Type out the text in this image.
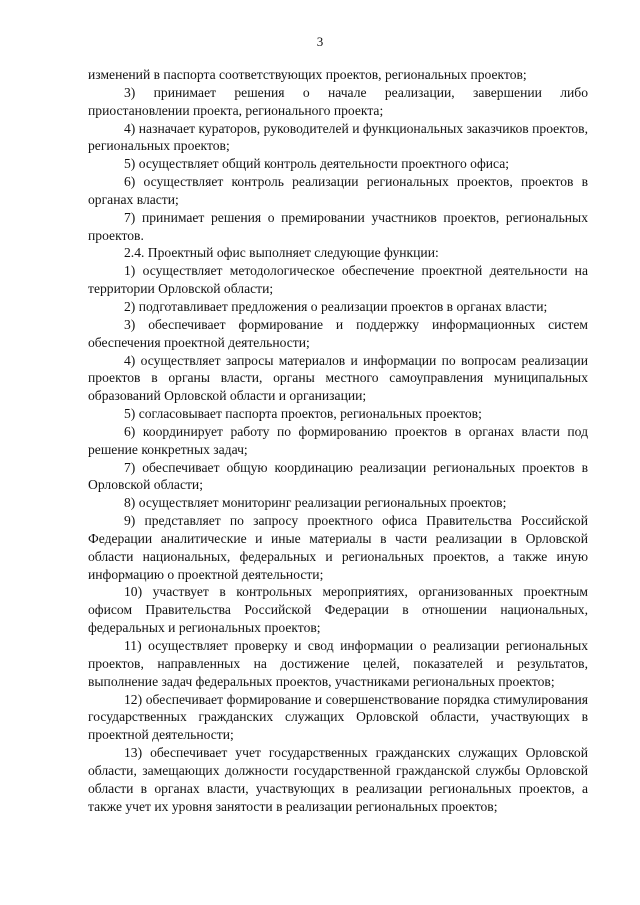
3

изменений в паспорта соответствующих проектов, региональных проектов;

3) принимает решения о начале реализации, завершении либо приостановлении проекта, регионального проекта;

4) назначает кураторов, руководителей и функциональных заказчиков проектов, региональных проектов;

5) осуществляет общий контроль деятельности проектного офиса;

6) осуществляет контроль реализации региональных проектов, проектов в органах власти;

7) принимает решения о премировании участников проектов, региональных проектов.

2.4. Проектный офис выполняет следующие функции:

1) осуществляет методологическое обеспечение проектной деятельности на территории Орловской области;

2) подготавливает предложения о реализации проектов в органах власти;

3) обеспечивает формирование и поддержку информационных систем обеспечения проектной деятельности;

4) осуществляет запросы материалов и информации по вопросам реализации проектов в органы власти, органы местного самоуправления муниципальных образований Орловской области и организации;

5) согласовывает паспорта проектов, региональных проектов;

6) координирует работу по формированию проектов в органах власти под решение конкретных задач;

7) обеспечивает общую координацию реализации региональных проектов в Орловской области;

8) осуществляет мониторинг реализации региональных проектов;

9) представляет по запросу проектного офиса Правительства Российской Федерации аналитические и иные материалы в части реализации в Орловской области национальных, федеральных и региональных проектов, а также иную информацию о проектной деятельности;

10) участвует в контрольных мероприятиях, организованных проектным офисом Правительства Российской Федерации в отношении национальных, федеральных и региональных проектов;

11) осуществляет проверку и свод информации о реализации региональных проектов, направленных на достижение целей, показателей и результатов, выполнение задач федеральных проектов, участниками региональных проектов;

12) обеспечивает формирование и совершенствование порядка стимулирования государственных гражданских служащих Орловской области, участвующих в проектной деятельности;

13) обеспечивает учет государственных гражданских служащих Орловской области, замещающих должности государственной гражданской службы Орловской области в органах власти, участвующих в реализации региональных проектов, а также учет их уровня занятости в реализации региональных проектов;
